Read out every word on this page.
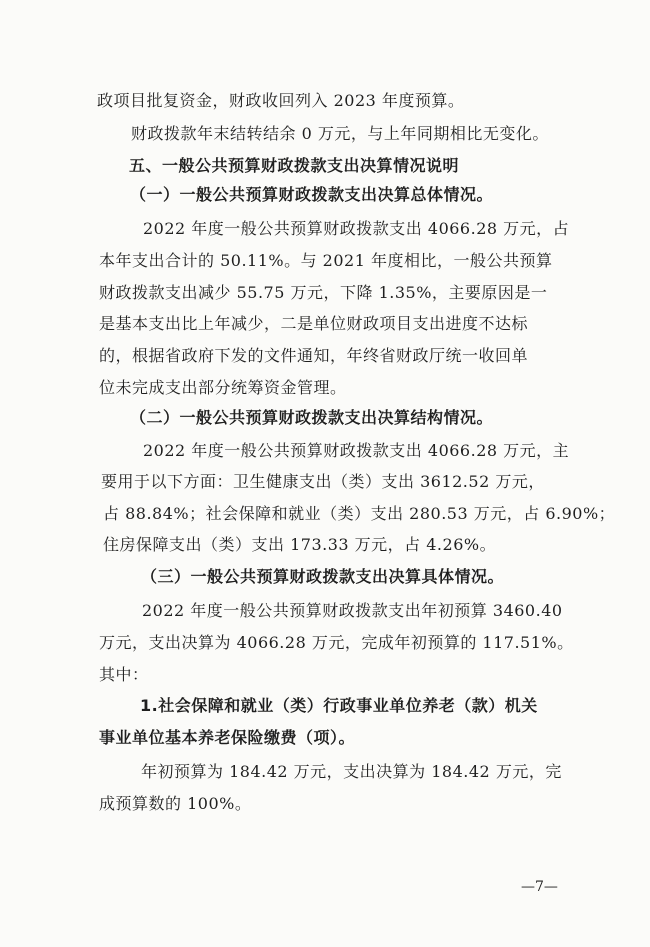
政项目批复资金，财政收回列入 2023 年度预算。
财政拨款年末结转结余 0 万元，与上年同期相比无变化。
五、一般公共预算财政拨款支出决算情况说明
（一）一般公共预算财政拨款支出决算总体情况。
2022 年度一般公共预算财政拨款支出 4066.28 万元，占
本年支出合计的 50.11%。与 2021 年度相比，一般公共预算
财政拨款支出减少 55.75 万元，下降 1.35%，主要原因是一
是基本支出比上年减少，二是单位财政项目支出进度不达标
的，根据省政府下发的文件通知，年终省财政厅统一收回单
位未完成支出部分统筹资金管理。
（二）一般公共预算财政拨款支出决算结构情况。
2022 年度一般公共预算财政拨款支出 4066.28 万元，主
要用于以下方面：卫生健康支出（类）支出 3612.52 万元，
占 88.84%；社会保障和就业（类）支出 280.53 万元，占 6.90%；
住房保障支出（类）支出 173.33 万元，占 4.26%。
（三）一般公共预算财政拨款支出决算具体情况。
2022 年度一般公共预算财政拨款支出年初预算 3460.40
万元，支出决算为 4066.28 万元，完成年初预算的 117.51%。
其中：
1.社会保障和就业（类）行政事业单位养老（款）机关
事业单位基本养老保险缴费（项）。
年初预算为 184.42 万元，支出决算为 184.42 万元，完
成预算数的 100%。
—7—
